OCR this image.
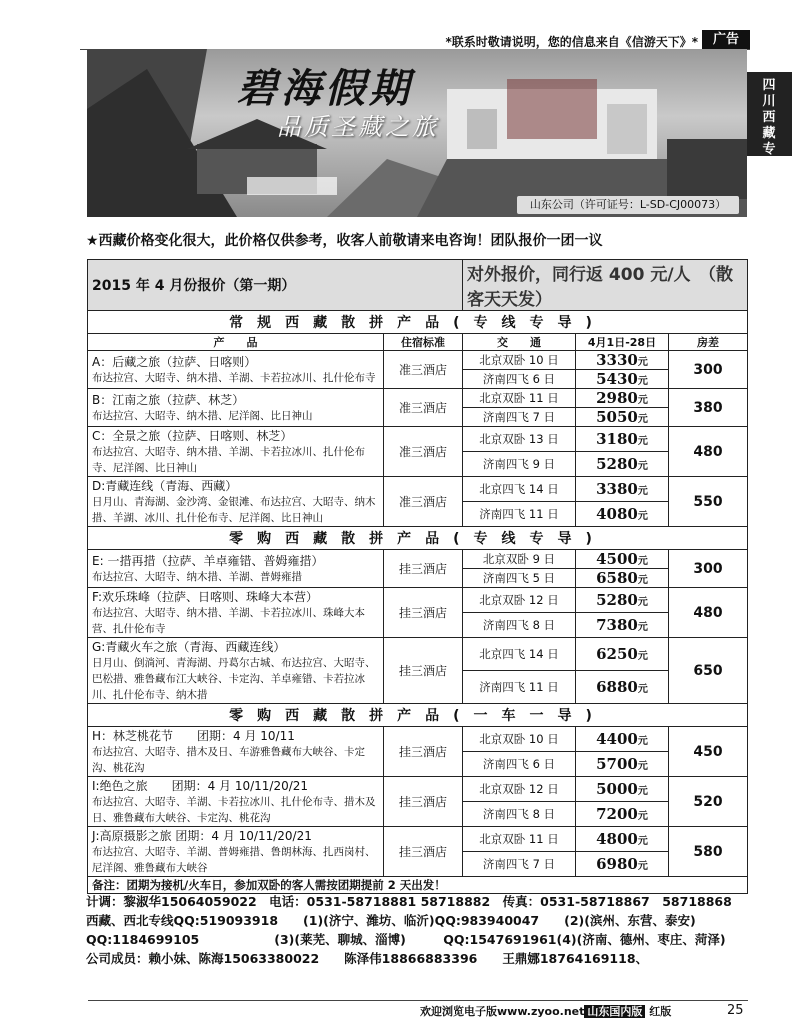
*联系时敬请说明，您的信息来自《信游天下》*	广告
四
川
西
藏
专
线
碧海假期
品质圣藏之旅
山东公司（许可证号：L-SD-CJ00073）
★西藏价格变化很大，此价格仅供参考，收客人前敬请来电咨询！团队报价一团一议
2015 年 4 月份报价（第一期）		对外报价，同行返 400 元/人　（散客天天发）		
常规西藏散拼产品(专线专导)				
产　　品	住宿标准	交　　通	4月1日-28日	房差

A：后藏之旅（拉萨、日喀则）
布达拉宫、大昭寺、纳木措、羊湖、卡若拉冰川、扎什伦布寺	准三酒店	北京双卧 10 日	3330元	300
		济南四飞 6 日	5430元	

B：江南之旅（拉萨、林芝）
布达拉宫、大昭寺、纳木措、尼洋阁、比日神山	准三酒店	北京双卧 11 日	2980元	380
		济南四飞 7 日	5050元	

C：全景之旅（拉萨、日喀则、林芝）
布达拉宫、大昭寺、纳木措、羊湖、卡若拉冰川、扎什伦布寺、尼洋阁、比日神山	准三酒店	北京双卧 13 日	3180元	480
		济南四飞 9 日	5280元	

D:青藏连线（青海、西藏）
日月山、青海湖、金沙湾、金银滩、布达拉宫、大昭寺、纳木措、羊湖、冰川、扎什伦布寺、尼洋阁、比日神山	准三酒店	北京四飞 14 日	3380元	550
		济南四飞 11 日	4080元	
零购西藏散拼产品(专线专导)				

E: 一措再措（拉萨、羊卓雍错、普姆雍措）
布达拉宫、大昭寺、纳木措、羊湖、普姆雍措	挂三酒店	北京双卧 9 日	4500元	300
		济南四飞 5 日	6580元	

F:欢乐珠峰（拉萨、日喀则、珠峰大本营）
布达拉宫、大昭寺、纳木措、羊湖、卡若拉冰川、珠峰大本营、扎什伦布寺	挂三酒店	北京双卧 12 日	5280元	480
		济南四飞 8 日	7380元	

G:青藏火车之旅（青海、西藏连线）
日月山、倒淌河、青海湖、丹葛尔古城、布达拉宫、大昭寺、巴松措、雅鲁藏布江大峡谷、卡定沟、羊卓雍错、卡若拉冰川、扎什伦布寺、纳木措	挂三酒店	北京四飞 14 日	6250元	650
		济南四飞 11 日	6880元	
零购西藏散拼产品(一车一导)				

H：林芝桃花节　　团期：4 月 10/11
布达拉宫、大昭寺、措木及日、车游雅鲁藏布大峡谷、卡定沟、桃花沟	挂三酒店	北京双卧 10 日	4400元	450
		济南四飞 6 日	5700元	

I:绝色之旅　　团期：4 月 10/11/20/21
布达拉宫、大昭寺、羊湖、卡若拉冰川、扎什伦布寺、措木及日、雅鲁藏布大峡谷、卡定沟、桃花沟	挂三酒店	北京双卧 12 日	5000元	520
		济南四飞 8 日	7200元	

J:高原摄影之旅 团期：4 月 10/11/20/21
布达拉宫、大昭寺、羊湖、普姆雍措、鲁朗林海、扎西岗村、尼洋阁、雅鲁藏布大峡谷	挂三酒店	北京双卧 11 日	4800元	580
		济南四飞 7 日	6980元	
备注：团期为接机/火车日，参加双卧的客人需按团期提前 2 天出发！				
计调：黎淑华15064059022　电话：0531-58718881 58718882　传真：0531-58718867　58718868
西藏、西北专线QQ:519093918　　(1)(济宁、潍坊、临沂)QQ:983940047　　(2)(滨州、东营、泰安)
QQ:1184699105　　　　　　(3)(莱芜、聊城、淄博)　　　QQ:1547691961(4)(济南、德州、枣庄、菏泽)
公司成员：赖小妹、陈海15063380022　　陈泽伟18866883396　　王鼎娜18764169118、
欢迎浏览电子版www.zyoo.net 山东国内版 红版	25
